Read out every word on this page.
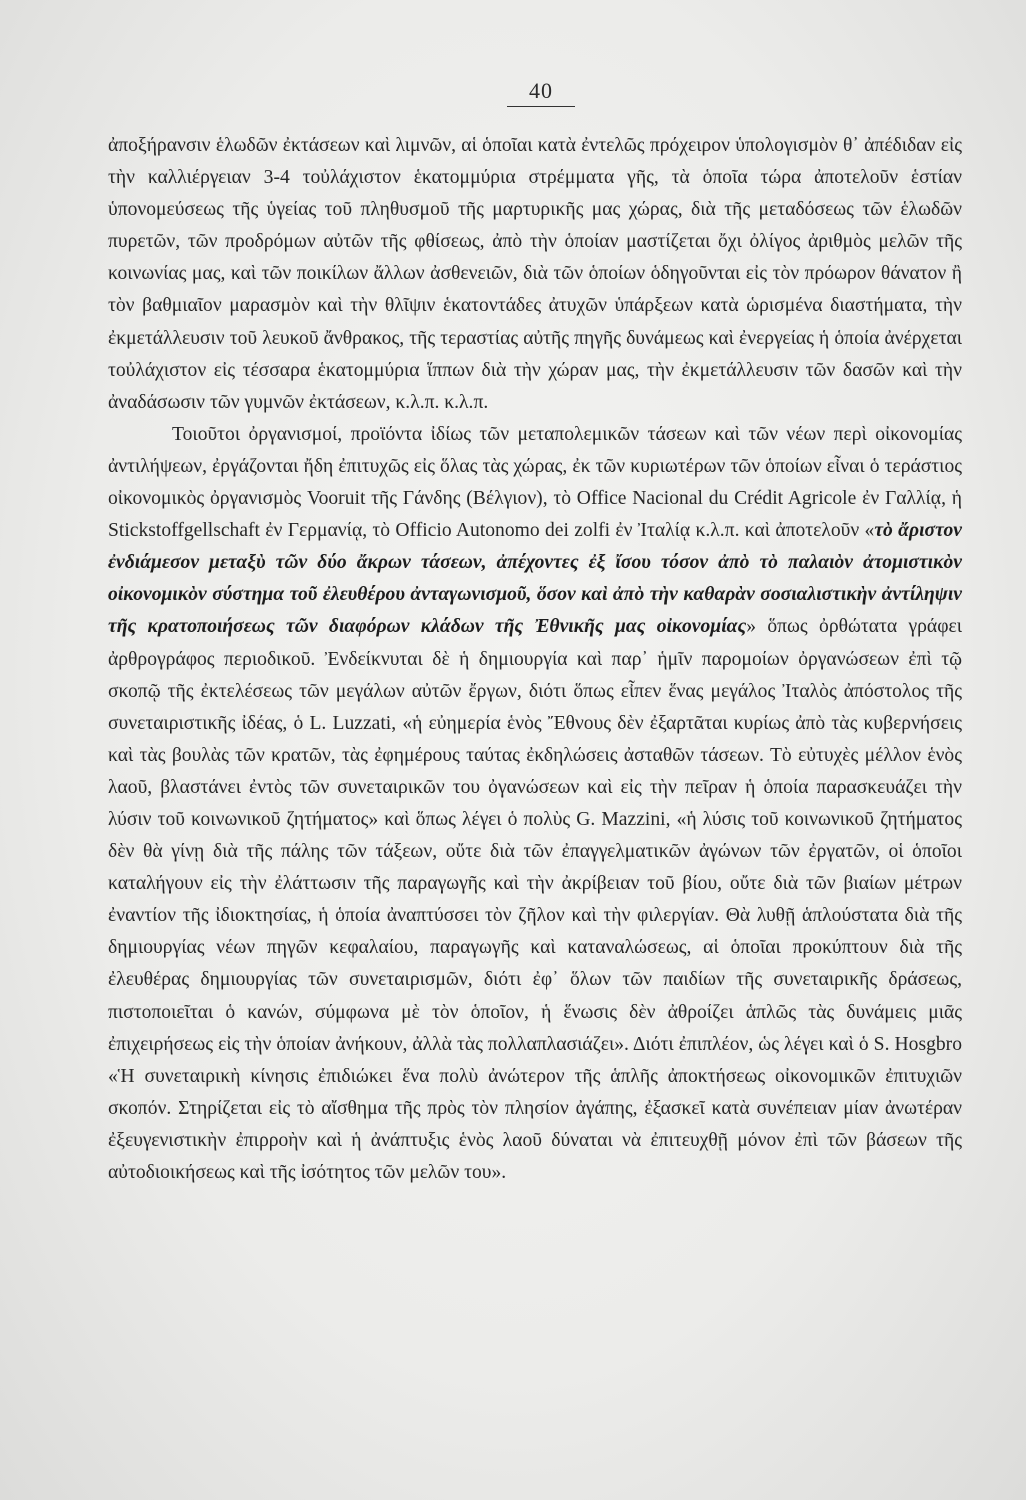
40

ἀποξήρανσιν ἑλωδῶν ἐκτάσεων καὶ λιμνῶν, αἱ ὁποῖαι κατὰ ἐντελῶς πρόχειρον ὑπολογισμὸν θ᾽ ἀπέδιδαν εἰς τὴν καλλιέργειαν 3-4 τοὐλάχιστον ἑκατομμύρια στρέμματα γῆς, τὰ ὁποῖα τώρα ἀποτελοῦν ἑστίαν ὑπονομεύσεως τῆς ὑγείας τοῦ πληθυσμοῦ τῆς μαρτυρικῆς μας χώρας, διὰ τῆς μεταδόσεως τῶν ἑλωδῶν πυρετῶν, τῶν προδρόμων αὐτῶν τῆς φθίσεως, ἀπὸ τὴν ὁποίαν μαστίζεται ὄχι ὀλίγος ἀριθμὸς μελῶν τῆς κοινωνίας μας, καὶ τῶν ποικίλων ἄλλων ἀσθενειῶν, διὰ τῶν ὁποίων ὁδηγοῦνται εἰς τὸν πρόωρον θάνατον ἢ τὸν βαθμιαῖον μαρασμὸν καὶ τὴν θλῖψιν ἑκατοντάδες ἀτυχῶν ὑπάρξεων κατὰ ὡρισμένα διαστήματα, τὴν ἐκμετάλλευσιν τοῦ λευκοῦ ἄνθρακος, τῆς τεραστίας αὐτῆς πηγῆς δυνάμεως καὶ ἐνεργείας ἡ ὁποία ἀνέρχεται τοὐλάχιστον εἰς τέσσαρα ἑκατομμύρια ἵππων διὰ τὴν χώραν μας, τὴν ἐκμετάλλευσιν τῶν δασῶν καὶ τὴν ἀναδάσωσιν τῶν γυμνῶν ἐκτάσεων, κ.λ.π. κ.λ.π.

Τοιοῦτοι ὀργανισμοί, προϊόντα ἰδίως τῶν μεταπολεμικῶν τάσεων καὶ τῶν νέων περὶ οἰκονομίας ἀντιλήψεων, ἐργάζονται ἤδη ἐπιτυχῶς εἰς ὅλας τὰς χώρας, ἐκ τῶν κυριωτέρων τῶν ὁποίων εἶναι ὁ τεράστιος οἰκονομικὸς ὀργανισμὸς Vooruit τῆς Γάνδης (Βέλγιον), τὸ Office Nacional du Crédit Agricole ἐν Γαλλίᾳ, ἡ Stickstoffgellschaft ἐν Γερμανίᾳ, τὸ Officio Autonomo dei zolfi ἐν Ἰταλίᾳ κ.λ.π. καὶ ἀποτελοῦν «τὸ ἄριστον ἐνδιάμεσον μεταξὺ τῶν δύο ἄκρων τάσεων, ἀπέχοντες ἐξ ἴσου τόσον ἀπὸ τὸ παλαιὸν ἀτομιστικὸν οἰκονομικὸν σύστημα τοῦ ἐλευθέρου ἀνταγωνισμοῦ, ὅσον καὶ ἀπὸ τὴν καθαρὰν σοσιαλιστικὴν ἀντίληψιν τῆς κρατοποιήσεως τῶν διαφόρων κλάδων τῆς Ἐθνικῆς μας οἰκονομίας» ὅπως ὀρθώτατα γράφει ἀρθρογράφος περιοδικοῦ. Ἐνδείκνυται δὲ ἡ δημιουργία καὶ παρ᾽ ἡμῖν παρομοίων ὀργανώσεων ἐπὶ τῷ σκοπῷ τῆς ἐκτελέσεως τῶν μεγάλων αὐτῶν ἔργων, διότι ὅπως εἶπεν ἕνας μεγάλος Ἰταλὸς ἀπόστολος τῆς συνεταιριστικῆς ἰδέας, ὁ L. Luzzati, «ἡ εὐημερία ἑνὸς Ἔθνους δὲν ἐξαρτᾶται κυρίως ἀπὸ τὰς κυβερνήσεις καὶ τὰς βουλὰς τῶν κρατῶν, τὰς ἐφημέρους ταύτας ἐκδηλώσεις ἀσταθῶν τάσεων. Τὸ εὐτυχὲς μέλλον ἑνὸς λαοῦ, βλαστάνει ἐντὸς τῶν συνεταιρικῶν του ὀγανώσεων καὶ εἰς τὴν πεῖραν ἡ ὁποία παρασκευάζει τὴν λύσιν τοῦ κοινωνικοῦ ζητήματος» καὶ ὅπως λέγει ὁ πολὺς G. Mazzini, «ἡ λύσις τοῦ κοινωνικοῦ ζητήματος δὲν θὰ γίνῃ διὰ τῆς πάλης τῶν τάξεων, οὔτε διὰ τῶν ἐπαγγελματικῶν ἀγώνων τῶν ἐργατῶν, οἱ ὁποῖοι καταλήγουν εἰς τὴν ἐλάττωσιν τῆς παραγωγῆς καὶ τὴν ἀκρίβειαν τοῦ βίου, οὔτε διὰ τῶν βιαίων μέτρων ἐναντίον τῆς ἰδιοκτησίας, ἡ ὁποία ἀναπτύσσει τὸν ζῆλον καὶ τὴν φιλεργίαν. Θὰ λυθῇ ἁπλούστατα διὰ τῆς δημιουργίας νέων πηγῶν κεφαλαίου, παραγωγῆς καὶ καταναλώσεως, αἱ ὁποῖαι προκύπτουν διὰ τῆς ἐλευθέρας δημιουργίας τῶν συνεταιρισμῶν, διότι ἐφ᾽ ὅλων τῶν παιδίων τῆς συνεταιρικῆς δράσεως, πιστοποιεῖται ὁ κανών, σύμφωνα μὲ τὸν ὁποῖον, ἡ ἕνωσις δὲν ἀθροίζει ἁπλῶς τὰς δυνάμεις μιᾶς ἐπιχειρήσεως εἰς τὴν ὁποίαν ἀνήκουν, ἀλλὰ τὰς πολλαπλασιάζει». Διότι ἐπιπλέον, ὡς λέγει καὶ ὁ S. Hosgbro «Ἡ συνεταιρικὴ κίνησις ἐπιδιώκει ἕνα πολὺ ἀνώτερον τῆς ἁπλῆς ἀποκτήσεως οἰκονομικῶν ἐπιτυχιῶν σκοπόν. Στηρίζεται εἰς τὸ αἴσθημα τῆς πρὸς τὸν πλησίον ἀγάπης, ἐξασκεῖ κατὰ συνέπειαν μίαν ἀνωτέραν ἐξευγενιστικὴν ἐπιρροὴν καὶ ἡ ἀνάπτυξις ἑνὸς λαοῦ δύναται νὰ ἐπιτευχθῇ μόνον ἐπὶ τῶν βάσεων τῆς αὐτοδιοικήσεως καὶ τῆς ἰσότητος τῶν μελῶν του».
